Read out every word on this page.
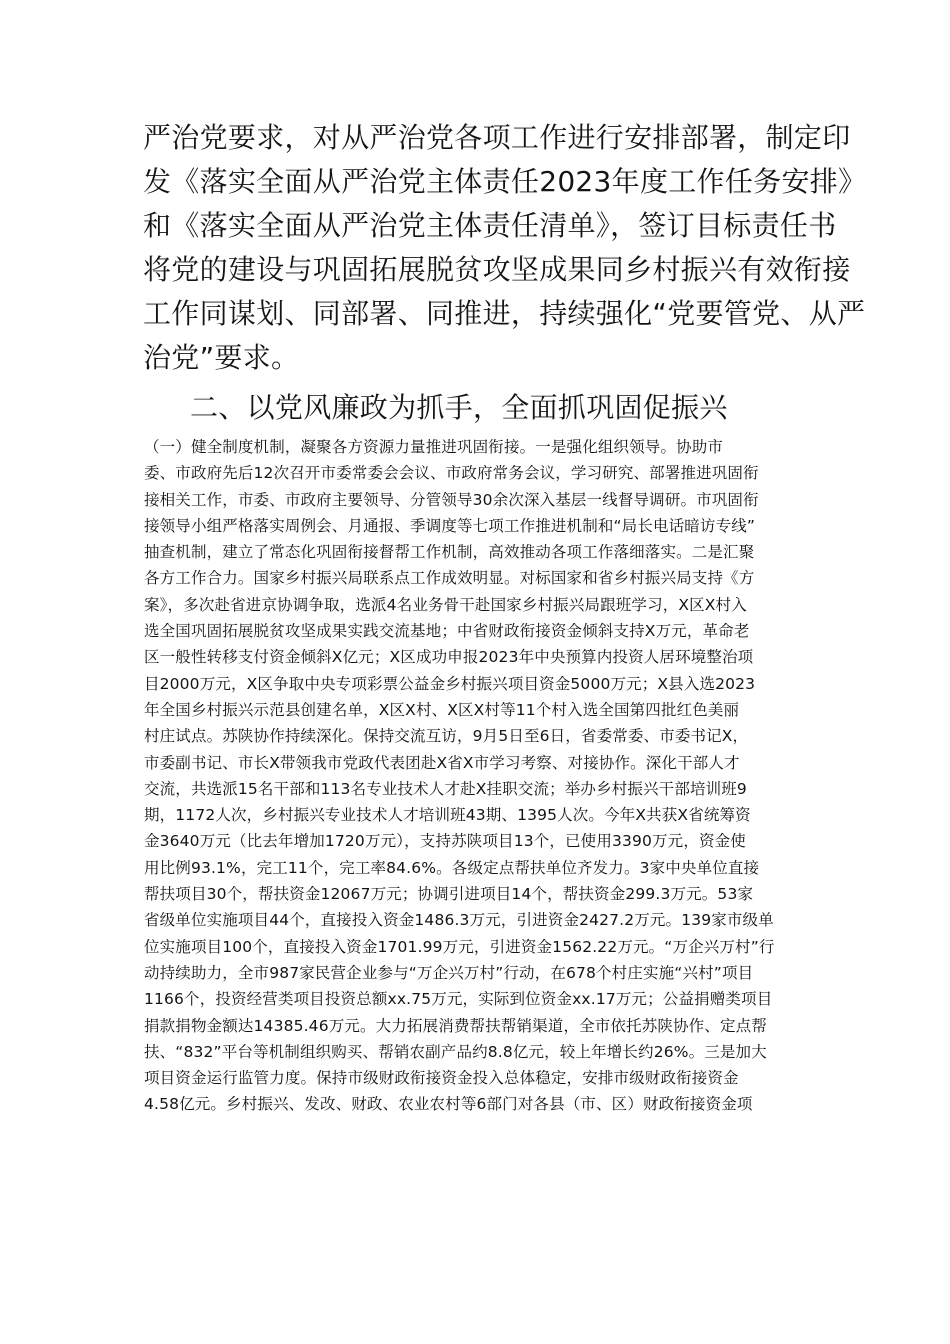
严治党要求，对从严治党各项工作进行安排部署，制定印
发《落实全面从严治党主体责任2023年度工作任务安排》
和《落实全面从严治党主体责任清单》，签订目标责任书
将党的建设与巩固拓展脱贫攻坚成果同乡村振兴有效衔接
工作同谋划、同部署、同推进，持续强化“党要管党、从严
治党”要求。
二、以党风廉政为抓手，全面抓巩固促振兴
（一）健全制度机制，凝聚各方资源力量推进巩固衔接。一是强化组织领导。协助市
委、市政府先后12次召开市委常委会会议、市政府常务会议，学习研究、部署推进巩固衔
接相关工作，市委、市政府主要领导、分管领导30余次深入基层一线督导调研。市巩固衔
接领导小组严格落实周例会、月通报、季调度等七项工作推进机制和“局长电话暗访专线”
抽查机制，建立了常态化巩固衔接督帮工作机制，高效推动各项工作落细落实。二是汇聚
各方工作合力。国家乡村振兴局联系点工作成效明显。对标国家和省乡村振兴局支持《方
案》，多次赴省进京协调争取，选派4名业务骨干赴国家乡村振兴局跟班学习，X区X村入
选全国巩固拓展脱贫攻坚成果实践交流基地；中省财政衔接资金倾斜支持X万元，革命老
区一般性转移支付资金倾斜X亿元；X区成功申报2023年中央预算内投资人居环境整治项
目2000万元，X区争取中央专项彩票公益金乡村振兴项目资金5000万元；X县入选2023
年全国乡村振兴示范县创建名单，X区X村、X区X村等11个村入选全国第四批红色美丽
村庄试点。苏陕协作持续深化。保持交流互访，9月5日至6日，省委常委、市委书记X，
市委副书记、市长X带领我市党政代表团赴X省X市学习考察、对接协作。深化干部人才
交流，共选派15名干部和113名专业技术人才赴X挂职交流；举办乡村振兴干部培训班9
期，1172人次，乡村振兴专业技术人才培训班43期、1395人次。今年X共获X省统筹资
金3640万元（比去年增加1720万元），支持苏陕项目13个，已使用3390万元，资金使
用比例93.1%，完工11个，完工率84.6%。各级定点帮扶单位齐发力。3家中央单位直接
帮扶项目30个，帮扶资金12067万元；协调引进项目14个，帮扶资金299.3万元。53家
省级单位实施项目44个，直接投入资金1486.3万元，引进资金2427.2万元。139家市级单
位实施项目100个，直接投入资金1701.99万元，引进资金1562.22万元。“万企兴万村”行
动持续助力，全市987家民营企业参与“万企兴万村”行动，在678个村庄实施“兴村”项目
1166个，投资经营类项目投资总额xx.75万元，实际到位资金xx.17万元；公益捐赠类项目
捐款捐物金额达14385.46万元。大力拓展消费帮扶帮销渠道，全市依托苏陕协作、定点帮
扶、“832”平台等机制组织购买、帮销农副产品约8.8亿元，较上年增长约26%。三是加大
项目资金运行监管力度。保持市级财政衔接资金投入总体稳定，安排市级财政衔接资金
4.58亿元。乡村振兴、发改、财政、农业农村等6部门对各县（市、区）财政衔接资金项
